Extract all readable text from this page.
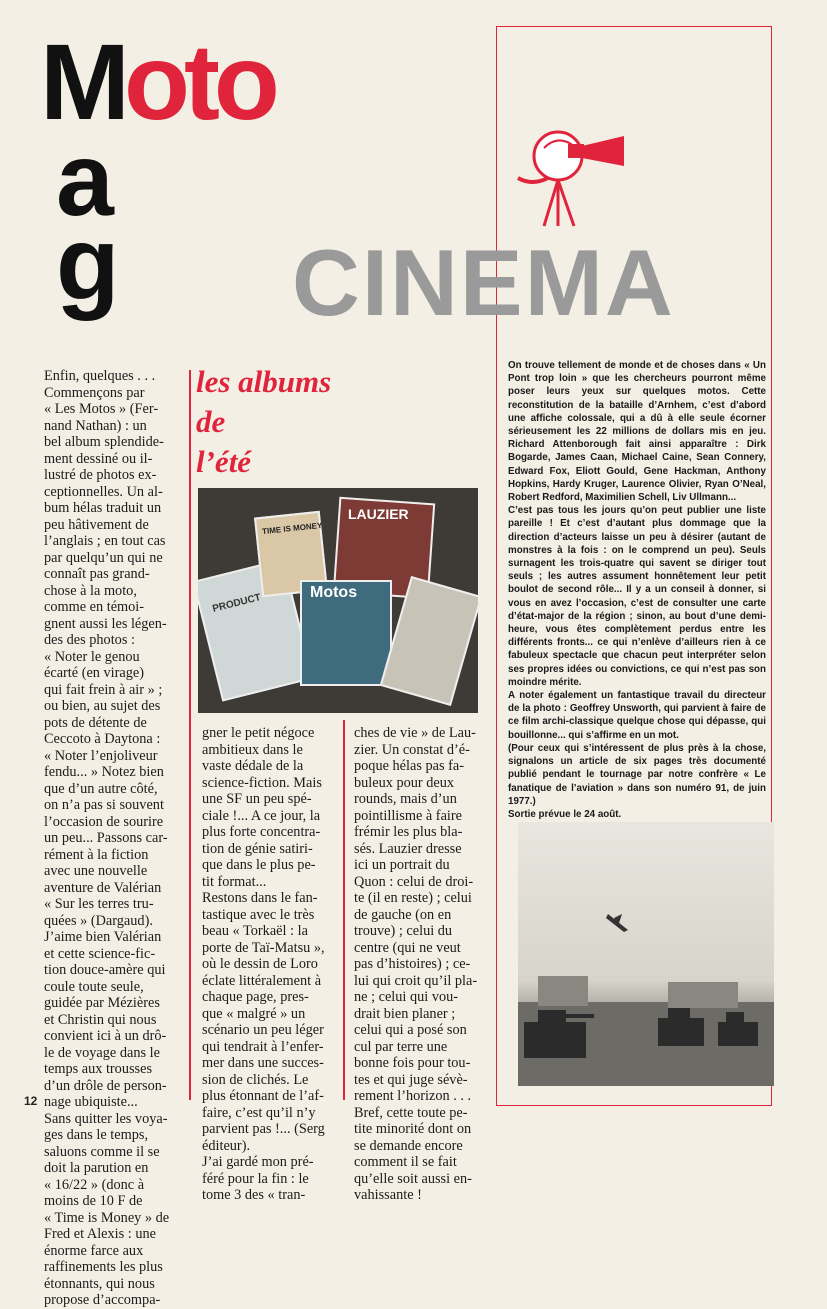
Moto
a
g CINEMA
les albums
de
l’été
Enfin, quelques . . .
Commençons par
« Les Motos » (Fer-
nand Nathan) : un
bel album splendide-
ment dessiné ou il-
lustré de photos ex-
ceptionnelles. Un al-
bum hélas traduit un
peu hâtivement de
l’anglais ; en tout cas
par quelqu’un qui ne
connaît pas grand-
chose à la moto,
comme en témoi-
gnent aussi les légen-
des des photos :
« Noter le genou
écarté (en virage)
qui fait frein à air » ;
ou bien, au sujet des
pots de détente de
Ceccoto à Daytona :
« Noter l’enjoliveur
fendu... » Notez bien
que d’un autre côté,
on n’a pas si souvent
l’occasion de sourire
un peu... Passons car-
rément à la fiction
avec une nouvelle
aventure de Valérian
« Sur les terres tru-
quées » (Dargaud).
J’aime bien Valérian
et cette science-fic-
tion douce-amère qui
coule toute seule,
guidée par Mézières
et Christin qui nous
convient ici à un drô-
le de voyage dans le
temps aux trousses
d’un drôle de person-
nage ubiquiste...
Sans quitter les voya-
ges dans le temps,
saluons comme il se
doit la parution en
« 16/22 » (donc à
moins de 10 F de
« Time is Money » de
Fred et Alexis : une
énorme farce aux
raffinements les plus
étonnants, qui nous
propose d’accompa-
TIME IS MONEY
LAUZIER
Motos
PRODUCT
gner le petit négoce
ambitieux dans le
vaste dédale de la
science-fiction. Mais
une SF un peu spé-
ciale !... A ce jour, la
plus forte concentra-
tion de génie satiri-
que dans le plus pe-
tit format...
Restons dans le fan-
tastique avec le très
beau « Torkaël : la
porte de Taï-Matsu »,
où le dessin de Loro
éclate littéralement à
chaque page, pres-
que « malgré » un
scénario un peu léger
qui tendrait à l’enfer-
mer dans une succes-
sion de clichés. Le
plus étonnant de l’af-
faire, c’est qu’il n’y
parvient pas !... (Serg
éditeur).
J’ai gardé mon pré-
féré pour la fin : le
tome 3 des « tran-
ches de vie » de Lau-
zier. Un constat d’é-
poque hélas pas fa-
buleux pour deux
rounds, mais d’un
pointillisme à faire
frémir les plus bla-
sés. Lauzier dresse
ici un portrait du
Quon : celui de droi-
te (il en reste) ; celui
de gauche (on en
trouve) ; celui du
centre (qui ne veut
pas d’histoires) ; ce-
lui qui croit qu’il pla-
ne ; celui qui vou-
drait bien planer ;
celui qui a posé son
cul par terre une
bonne fois pour tou-
tes et qui juge sévè-
rement l’horizon . . .
Bref, cette toute pe-
tite minorité dont on
se demande encore
comment il se fait
qu’elle soit aussi en-
vahissante !
On trouve tellement de monde et de choses dans « Un Pont trop loin » que les chercheurs pourront même poser leurs yeux sur quelques motos. Cette reconstitution de la bataille d’Arnhem, c’est d’abord une affiche colossale, qui a dû à elle seule écorner sérieusement les 22 millions de dollars mis en jeu. Richard Attenborough fait ainsi apparaître : Dirk Bogarde, James Caan, Michael Caine, Sean Connery, Edward Fox, Eliott Gould, Gene Hackman, Anthony Hopkins, Hardy Kruger, Laurence Olivier, Ryan O’Neal, Robert Redford, Maximilien Schell, Liv Ullmann...
C’est pas tous les jours qu’on peut publier une liste pareille ! Et c’est d’autant plus dommage que la direction d’acteurs laisse un peu à désirer (autant de monstres à la fois : on le comprend un peu). Seuls surnagent les trois-quatre qui savent se diriger tout seuls ; les autres assument honnêtement leur petit boulot de second rôle... Il y a un conseil à donner, si vous en avez l’occasion, c’est de consulter une carte d’état-major de la région ; sinon, au bout d’une demi-heure, vous êtes complètement perdus entre les différents fronts... ce qui n’enlève d’ailleurs rien à ce fabuleux spectacle que chacun peut interpréter selon ses propres idées ou convictions, ce qui n’est pas son moindre mérite.
A noter également un fantastique travail du directeur de la photo : Geoffrey Unsworth, qui parvient à faire de ce film archi-classique quelque chose qui dépasse, qui bouillonne... qui s’affirme en un mot.
(Pour ceux qui s’intéressent de plus près à la chose, signalons un article de six pages très documenté publié pendant le tournage par notre confrère « Le fanatique de l’aviation » dans son numéro 91, de juin 1977.)
Sortie prévue le 24 août.
12
